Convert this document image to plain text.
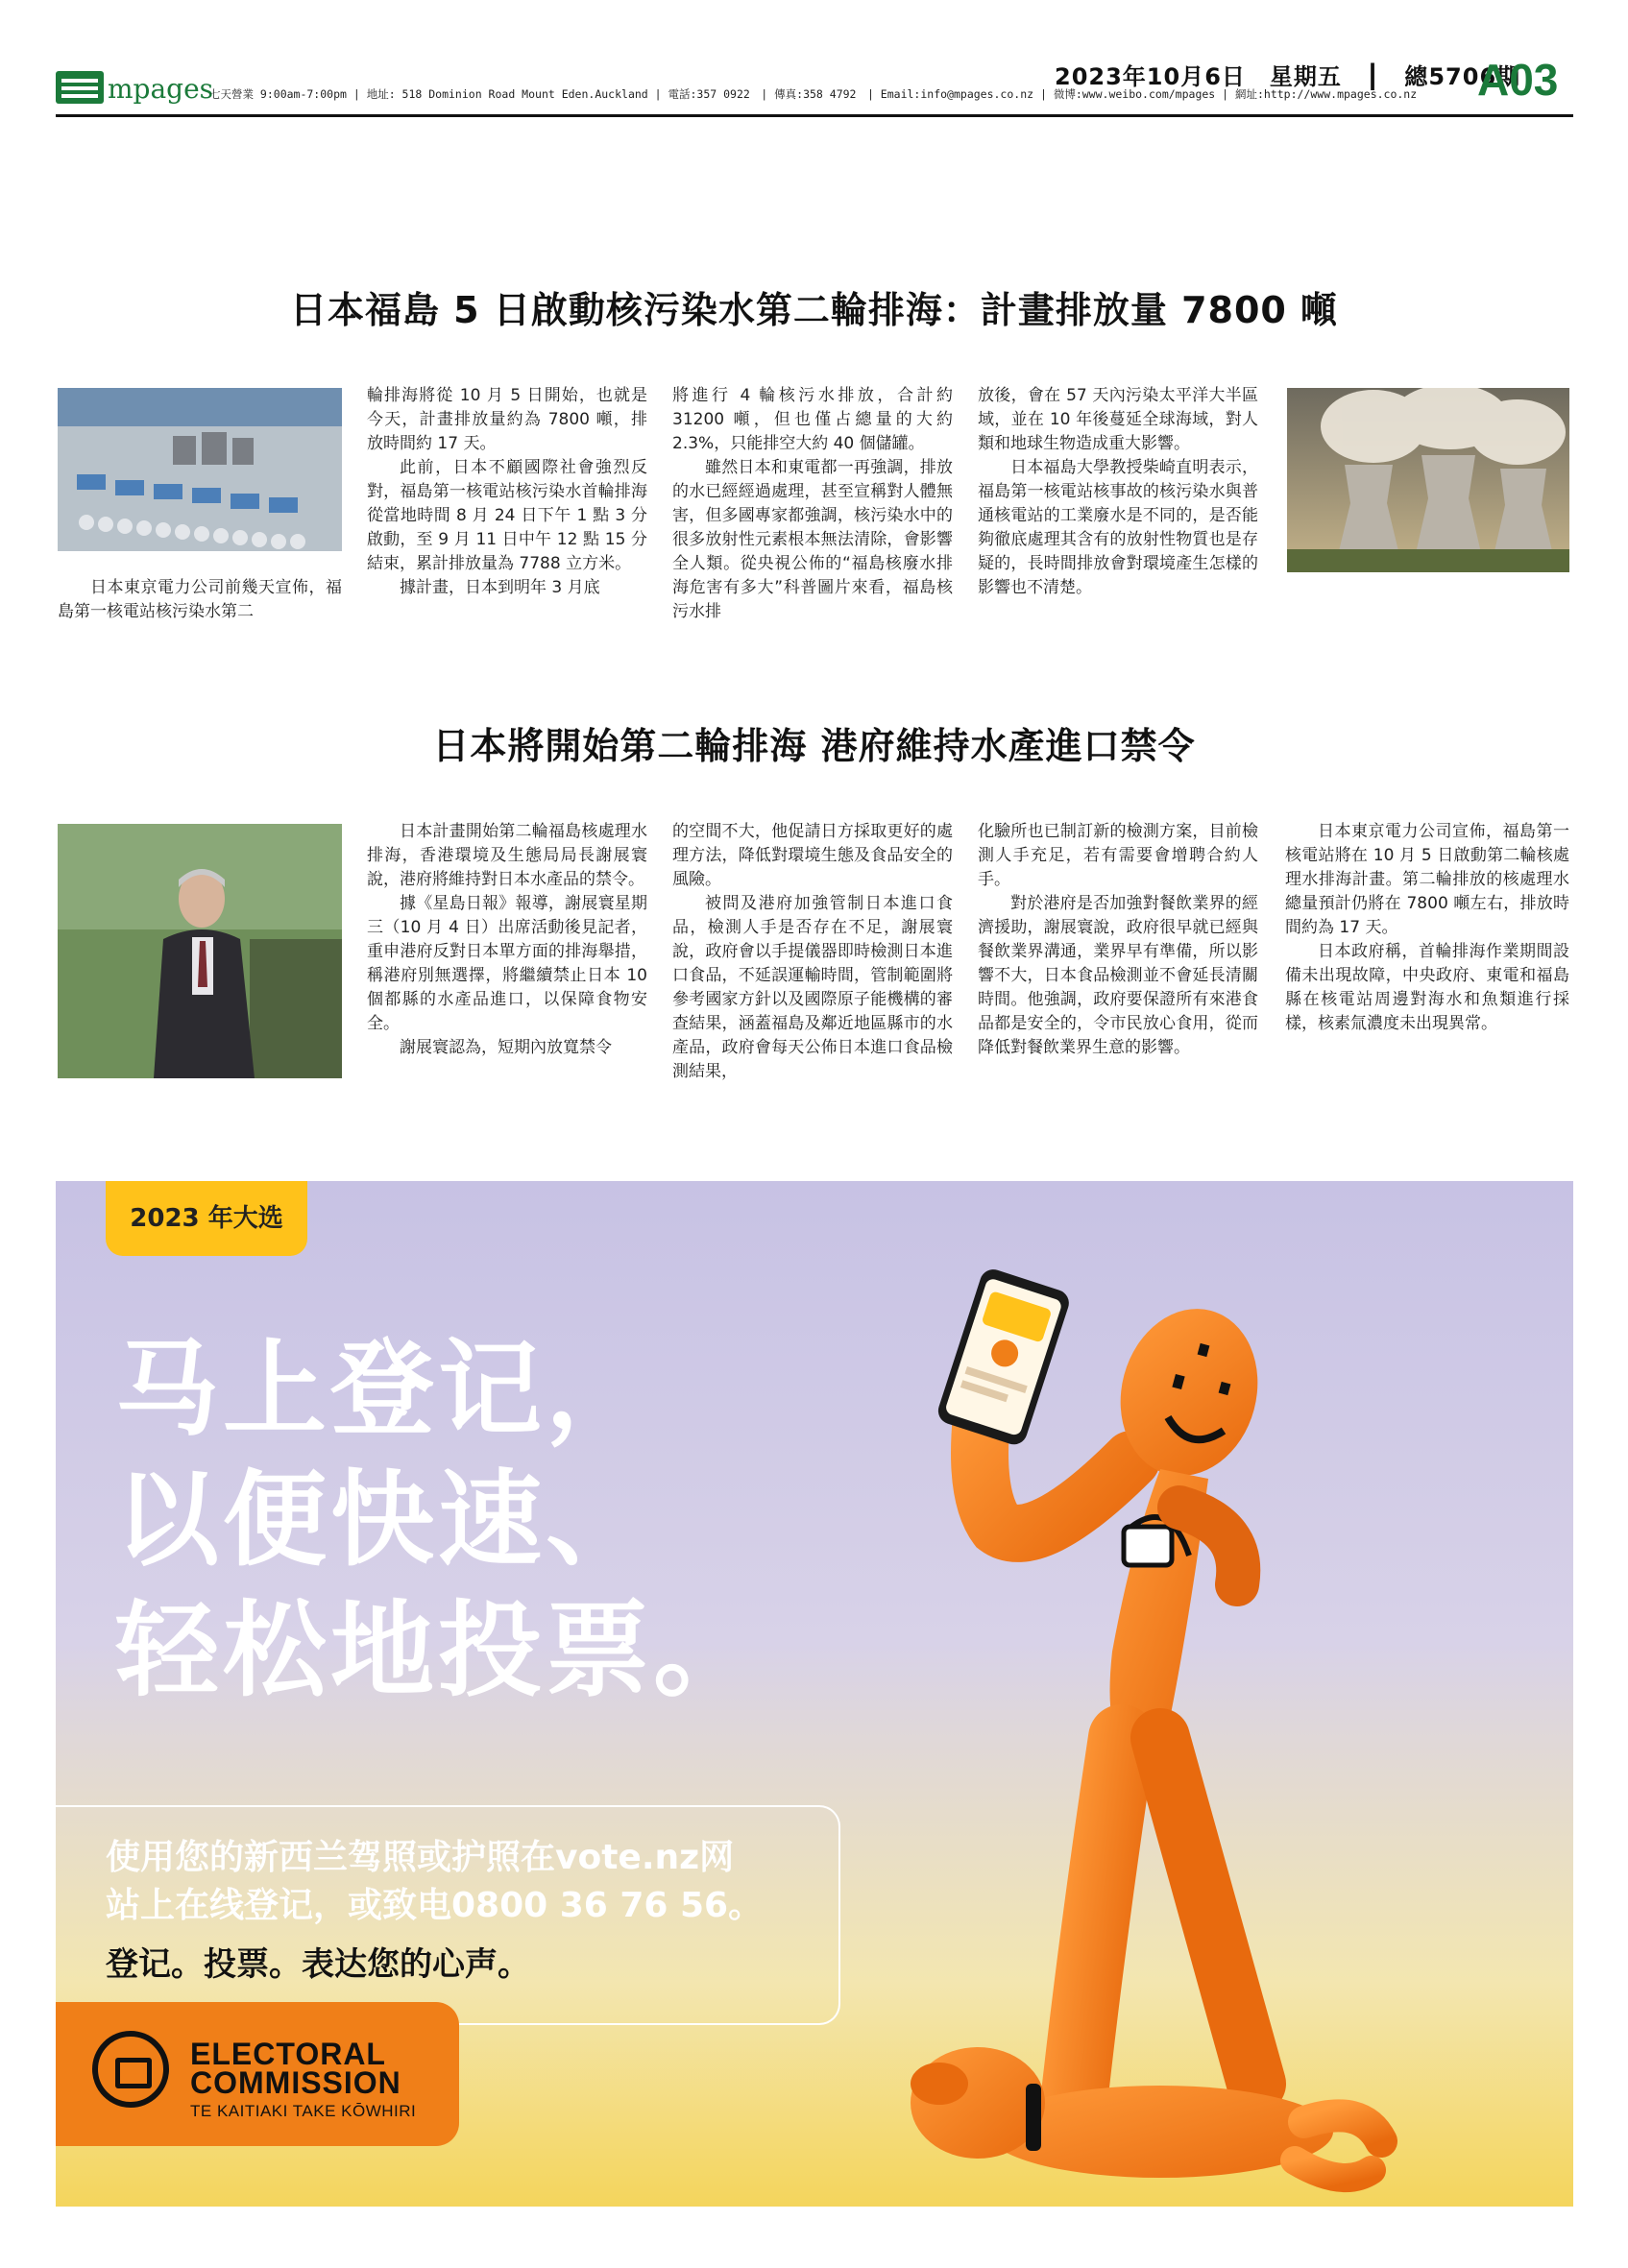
mpages	2023年10月6日　星期五　┃　總5706期
A03
七天營業 9:00am-7:00pm | 地址: 518 Dominion Road Mount Eden.Auckland | 電話:357 0922　| 傳真:358 4792　| Email:info@mpages.co.nz | 微博:www.weibo.com/mpages | 網址:http://www.mpages.co.nz
日本福島 5 日啟動核污染水第二輪排海：計畫排放量 7800 噸

日本東京電力公司前幾天宣佈，福島第一核電站核污染水第二

輪排海將從 10 月 5 日開始，也就是今天，計畫排放量約為 7800 噸，排放時間約 17 天。

此前，日本不顧國際社會強烈反對，福島第一核電站核污染水首輪排海從當地時間 8 月 24 日下午 1 點 3 分啟動，至 9 月 11 日中午 12 點 15 分結束，累計排放量為 7788 立方米。

據計畫，日本到明年 3 月底

將進行 4 輪核污水排放，合計約 31200 噸，但也僅占總量的大約 2.3%，只能排空大約 40 個儲罐。

雖然日本和東電都一再強調，排放的水已經經過處理，甚至宣稱對人體無害，但多國專家都強調，核污染水中的很多放射性元素根本無法清除，會影響全人類。從央視公佈的“福島核廢水排海危害有多大”科普圖片來看，福島核污水排

放後，會在 57 天內污染太平洋大半區域，並在 10 年後蔓延全球海域，對人類和地球生物造成重大影響。

日本福島大學教授柴崎直明表示，福島第一核電站核事故的核污染水與普通核電站的工業廢水是不同的，是否能夠徹底處理其含有的放射性物質也是存疑的，長時間排放會對環境產生怎樣的影響也不清楚。

日本將開始第二輪排海 港府維持水產進口禁令

日本計畫開始第二輪福島核處理水排海，香港環境及生態局局長謝展寰說，港府將維持對日本水產品的禁令。

據《星島日報》報導，謝展寰星期三（10 月 4 日）出席活動後見記者，重申港府反對日本單方面的排海舉措，稱港府別無選擇，將繼續禁止日本 10 個都縣的水產品進口，以保障食物安全。

謝展寰認為，短期內放寬禁令

的空間不大，他促請日方採取更好的處理方法，降低對環境生態及食品安全的風險。

被問及港府加強管制日本進口食品，檢測人手是否存在不足，謝展寰說，政府會以手提儀器即時檢測日本進口食品，不延誤運輸時間，管制範圍將參考國家方針以及國際原子能機構的審查結果，涵蓋福島及鄰近地區縣市的水產品，政府會每天公佈日本進口食品檢測結果，

化驗所也已制訂新的檢測方案，目前檢測人手充足，若有需要會增聘合約人手。

對於港府是否加強對餐飲業界的經濟援助，謝展寰說，政府很早就已經與餐飲業界溝通，業界早有準備，所以影響不大，日本食品檢測並不會延長清關時間。他強調，政府要保證所有來港食品都是安全的，令市民放心食用，從而降低對餐飲業界生意的影響。

日本東京電力公司宣佈，福島第一核電站將在 10 月 5 日啟動第二輪核處理水排海計畫。第二輪排放的核處理水總量預計仍將在 7800 噸左右，排放時間約為 17 天。

日本政府稱，首輪排海作業期間設備未出現故障，中央政府、東電和福島縣在核電站周邊對海水和魚類進行採樣，核素氚濃度未出現異常。

2023 年大选
马上登记，
以便快速、
轻松地投票。
使用您的新西兰驾照或护照在vote.nz网
站上在线登记，或致电0800 36 76 56。
登记。投票。表达您的心声。
ELECTORAL
COMMISSION
TE KAITIAKI TAKE KŌWHIRI
